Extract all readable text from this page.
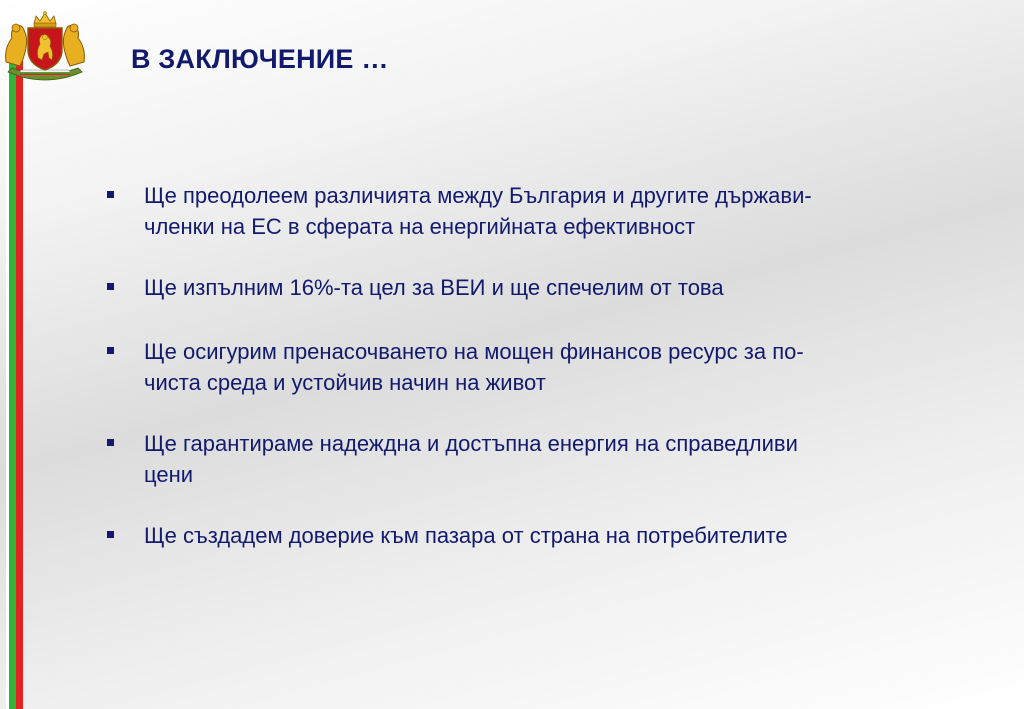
В ЗАКЛЮЧЕНИЕ …
Ще преодолеем различията между България и другите държави-
членки на ЕС в сферата на енергийната ефективност
Ще изпълним 16%-та цел за ВЕИ и ще спечелим от това
Ще осигурим пренасочването на мощен финансов ресурс за по-
чиста среда и устойчив начин на живот
Ще гарантираме надеждна и достъпна енергия на справедливи
цени
Ще създадем доверие към пазара от страна на потребителите
